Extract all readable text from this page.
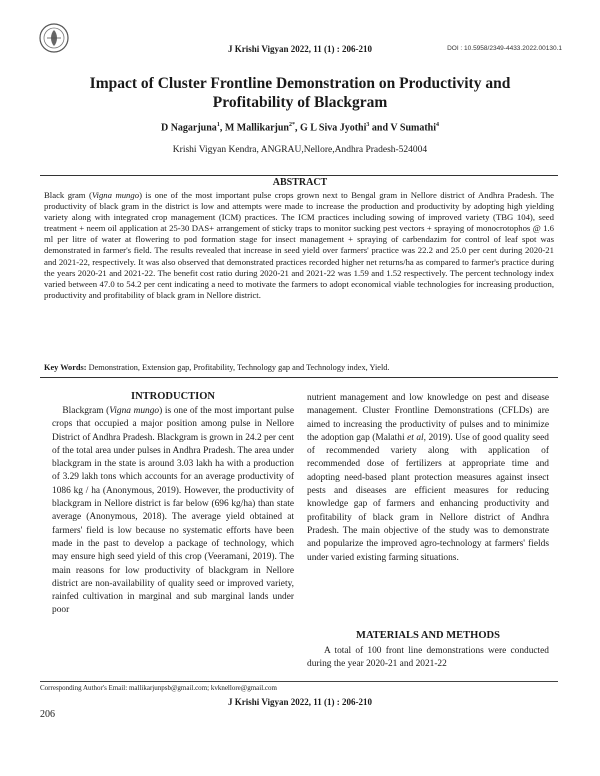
J Krishi Vigyan 2022, 11 (1) : 206-210	DOI : 10.5958/2349-4433.2022.00130.1
Impact of Cluster Frontline Demonstration on Productivity and Profitability of Blackgram
D Nagarjuna$^1$, M Mallikarjun$^{2*}$, G L Siva Jyothi$^3$ and V Sumathi$^4$
Krishi Vigyan Kendra, ANGRAU,Nellore,Andhra Pradesh-524004
ABSTRACT
Black gram (Vigna mungo) is one of the most important pulse crops grown next to Bengal gram in Nellore district of Andhra Pradesh. The productivity of black gram in the district is low and attempts were made to increase the production and productivity by adopting high yielding variety along with integrated crop management (ICM) practices. The ICM practices including sowing of improved variety (TBG 104), seed treatment + neem oil application at 25-30 DAS+ arrangement of sticky traps to monitor sucking pest vectors + spraying of monocrotophos @ 1.6 ml per litre of water at flowering to pod formation stage for insect management + spraying of carbendazim for control of leaf spot was demonstrated in farmer's field. The results revealed that increase in seed yield over farmers' practice was 22.2 and 25.0 per cent during 2020-21 and 2021-22, respectively. It was also observed that demonstrated practices recorded higher net returns/ha as compared to farmer's practice during the years 2020-21 and 2021-22. The benefit cost ratio during 2020-21 and 2021-22 was 1.59 and 1.52 respectively. The percent technology index varied between 47.0 to 54.2 per cent indicating a need to motivate the farmers to adopt economical viable technologies for increasing production, productivity and profitability of black gram in Nellore district.
Key Words: Demonstration, Extension gap, Profitability, Technology gap and Technology index, Yield.
INTRODUCTION
Blackgram (Vigna mungo) is one of the most important pulse crops that occupied a major position among pulse in Nellore District of Andhra Pradesh. Blackgram is grown in 24.2 per cent of the total area under pulses in Andhra Pradesh. The area under blackgram in the state is around 3.03 lakh ha with a production of 3.29 lakh tons which accounts for an average productivity of 1086 kg / ha (Anonymous, 2019). However, the productivity of blackgram in Nellore district is far below (696 kg/ha) than state average (Anonymous, 2018). The average yield obtained at farmers' field is low because no systematic efforts have been made in the past to develop a package of technology, which may ensure high seed yield of this crop (Veeramani, 2019). The main reasons for low productivity of blackgram in Nellore district are non-availability of quality seed or improved variety, rainfed cultivation in marginal and sub marginal lands under poor
nutrient management and low knowledge on pest and disease management. Cluster Frontline Demonstrations (CFLDs) are aimed to increasing the productivity of pulses and to minimize the adoption gap (Malathi et al, 2019). Use of good quality seed of recommended variety along with application of recommended dose of fertilizers at appropriate time and adopting need-based plant protection measures against insect pests and diseases are efficient measures for reducing knowledge gap of farmers and enhancing productivity and profitability of black gram in Nellore district of Andhra Pradesh. The main objective of the study was to demonstrate and popularize the improved agro-technology at farmers' fields under varied existing farming situations.
MATERIALS AND METHODS
A total of 100 front line demonstrations were conducted during the year 2020-21 and 2021-22
Corresponding Author's Email: mallikarjunpsb@gmail.com; kvknellore@gmail.com
J Krishi Vigyan 2022, 11 (1) : 206-210
206
